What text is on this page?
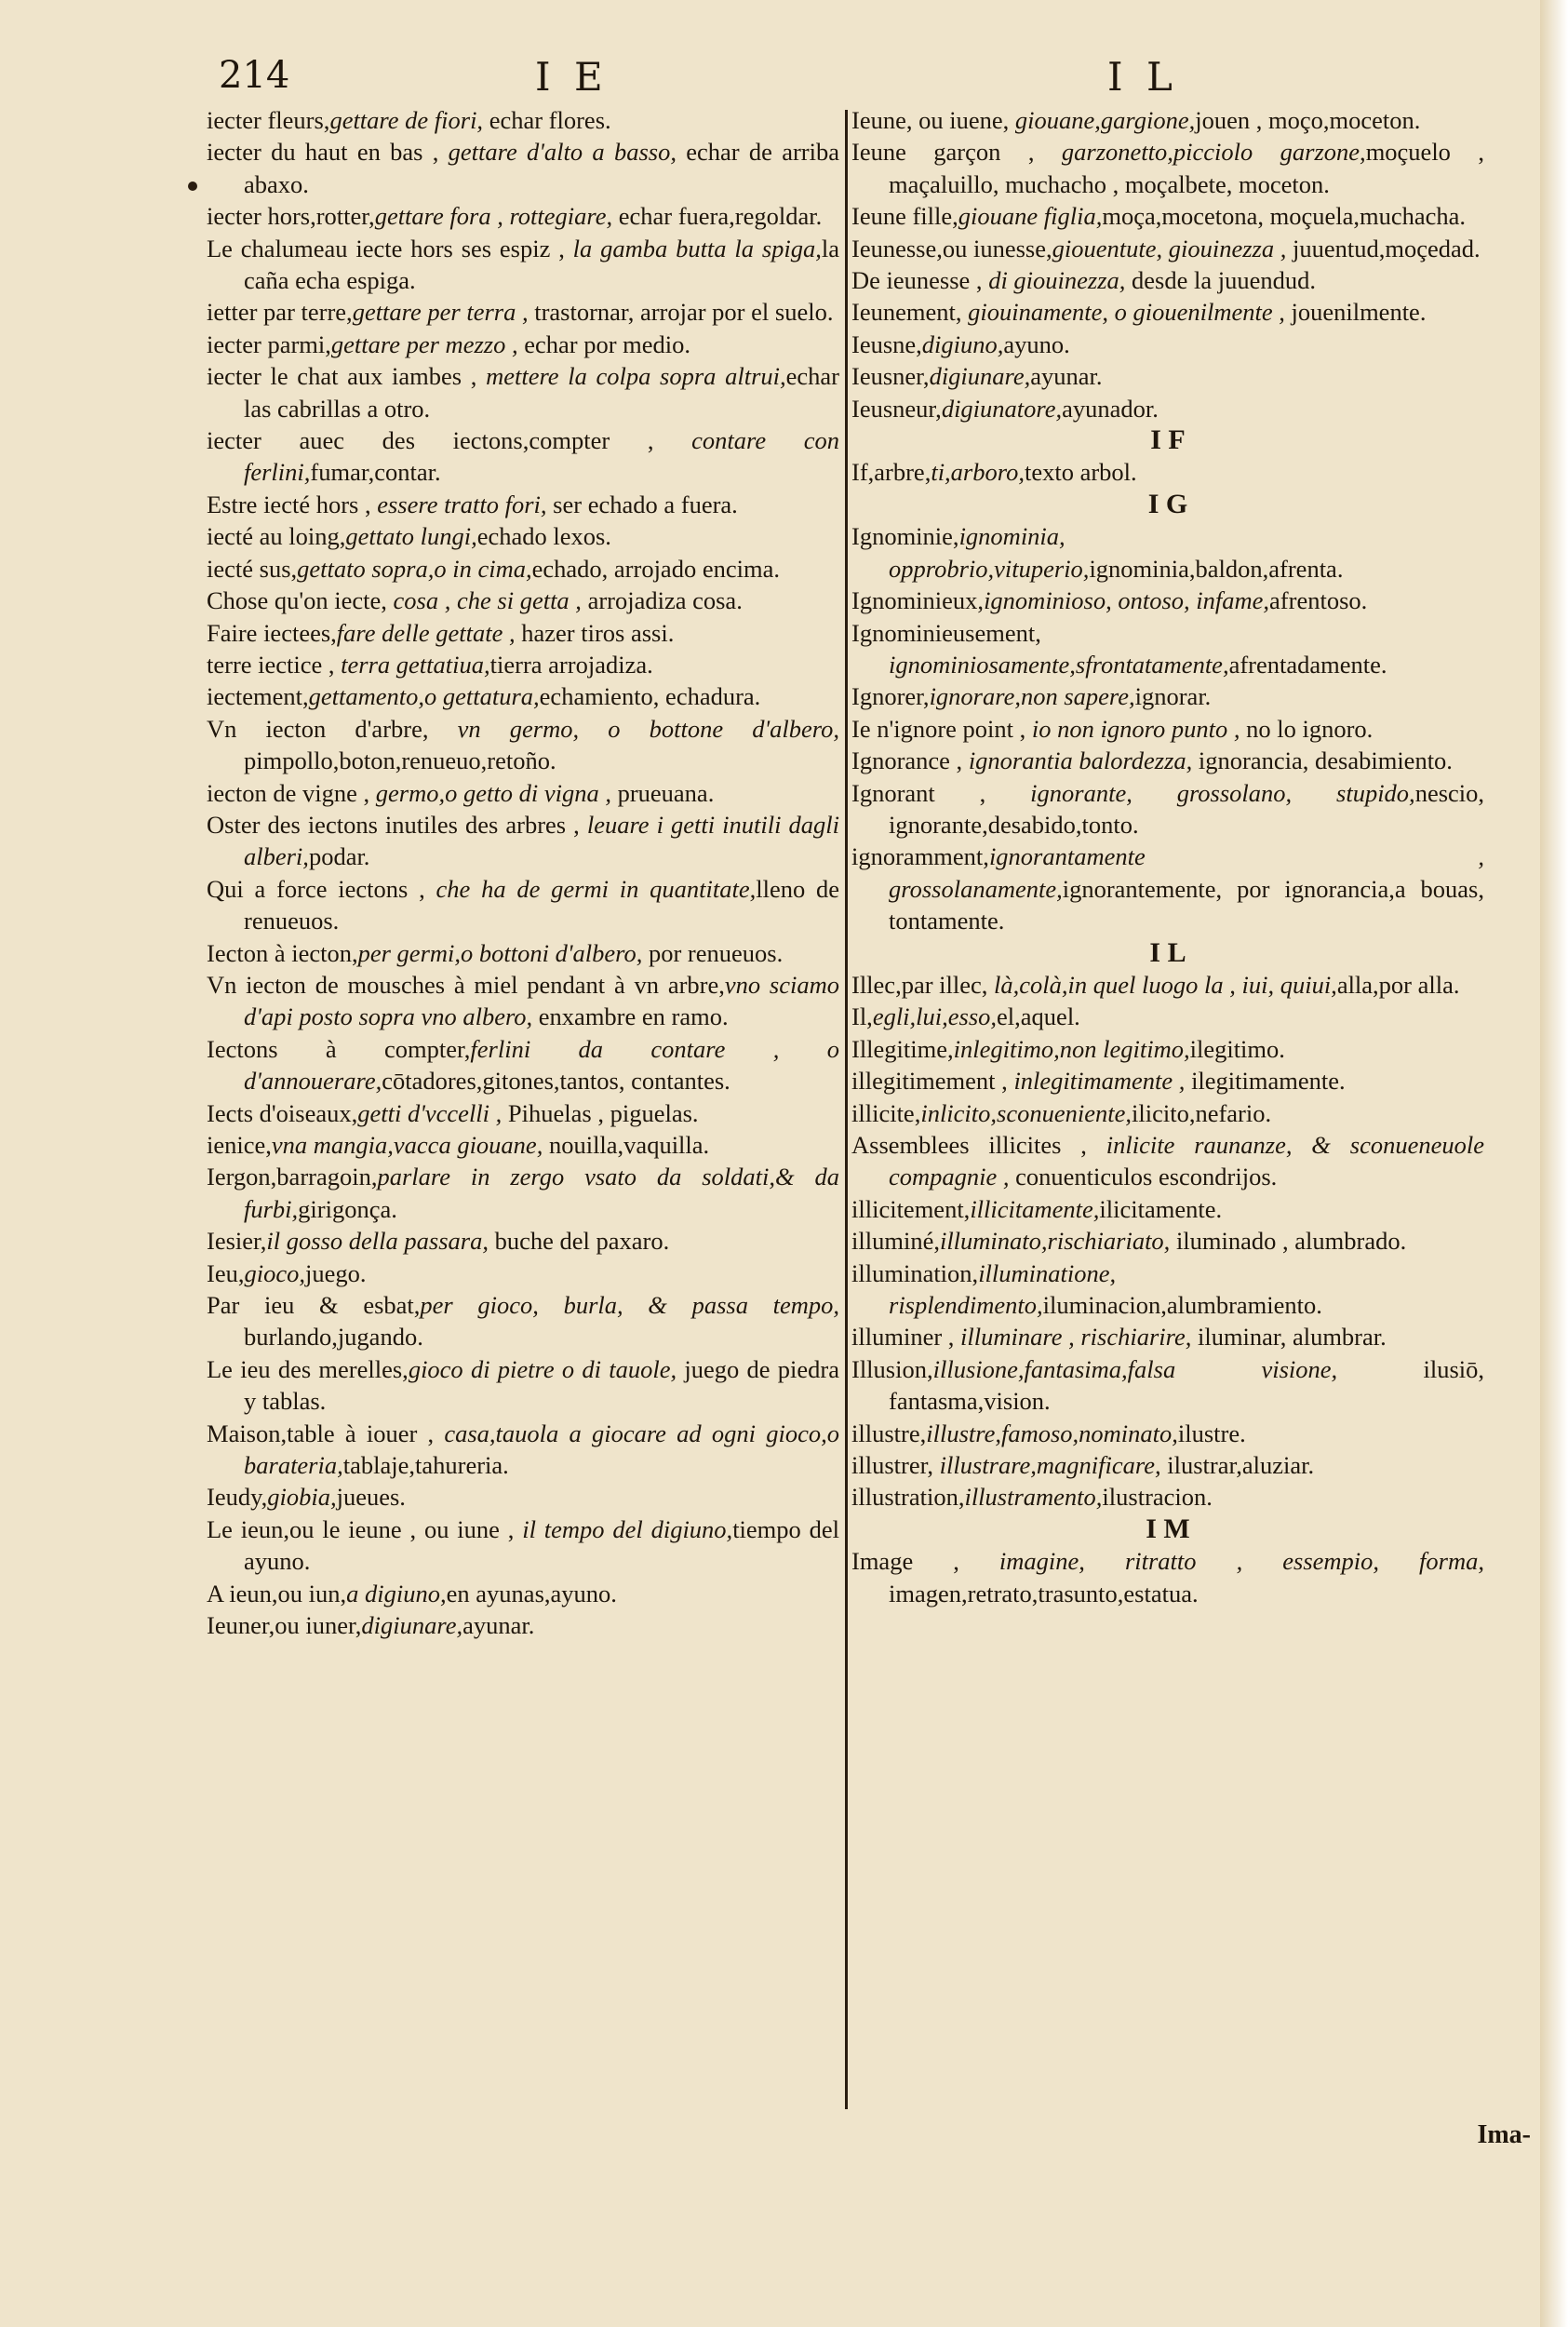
214	I E	I L

iecter fleurs,gettare de fiori, echar flores.

iecter du haut en bas , gettare d'alto a basso, echar de arriba abaxo.

iecter hors,rotter,gettare fora , rottegiare, echar fuera,regoldar.

Le chalumeau iecte hors ses espiz , la gamba butta la spiga,la caña echa espiga.

ietter par terre,gettare per terra , trastornar, arrojar por el suelo.

iecter parmi,gettare per mezzo , echar por medio.

iecter le chat aux iambes , mettere la colpa sopra altrui,echar las cabrillas a otro.

iecter auec des iectons,compter , contare con ferlini,fumar,contar.

Estre iecté hors , essere tratto fori, ser echado a fuera.

iecté au loing,gettato lungi,echado lexos.

iecté sus,gettato sopra,o in cima,echado, arrojado encima.

Chose qu'on iecte, cosa , che si getta , arrojadiza cosa.

Faire iectees,fare delle gettate , hazer tiros assi.

terre iectice , terra gettatiua,tierra arrojadiza.

iectement,gettamento,o gettatura,echamiento, echadura.

Vn iecton d'arbre, vn germo, o bottone d'albero, pimpollo,boton,renueuo,retoño.

iecton de vigne , germo,o getto di vigna , prueuana.

Oster des iectons inutiles des arbres , leuare i getti inutili dagli alberi,podar.

Qui a force iectons , che ha de germi in quantitate,lleno de renueuos.

Iecton à iecton,per germi,o bottoni d'albero, por renueuos.

Vn iecton de mousches à miel pendant à vn arbre,vno sciamo d'api posto sopra vno albero, enxambre en ramo.

Iectons à compter,ferlini da contare , o d'annouerare,cōtadores,gitones,tantos, contantes.

Iects d'oiseaux,getti d'vccelli , Pihuelas , piguelas.

ienice,vna mangia,vacca giouane, nouilla,vaquilla.

Iergon,barragoin,parlare in zergo vsato da soldati,& da furbi,girigonça.

Iesier,il gosso della passara, buche del paxaro.

Ieu,gioco,juego.

Par ieu & esbat,per gioco, burla, & passa tempo, burlando,jugando.

Le ieu des merelles,gioco di pietre o di tauole, juego de piedra y tablas.

Maison,table à iouer , casa,tauola a giocare ad ogni gioco,o barateria,tablaje,tahureria.

Ieudy,giobia,jueues.

Le ieun,ou le ieune , ou iune , il tempo del digiuno,tiempo del ayuno.

A ieun,ou iun,a digiuno,en ayunas,ayuno.

Ieuner,ou iuner,digiunare,ayunar.

Ieune, ou iuene, giouane,gargione,jouen , moço,moceton.

Ieune garçon , garzonetto,picciolo garzone,moçuelo , maçaluillo, muchacho , moçalbete, moceton.

Ieune fille,giouane figlia,moça,mocetona, moçuela,muchacha.

Ieunesse,ou iunesse,giouentute, giouinezza , juuentud,moçedad.

De ieunesse , di giouinezza, desde la juuendud.

Ieunement, giouinamente, o giouenilmente , jouenilmente.

Ieusne,digiuno,ayuno.

Ieusner,digiunare,ayunar.

Ieusneur,digiunatore,ayunador.

I F

If,arbre,ti,arboro,texto arbol.

I G

Ignominie,ignominia, opprobrio,vituperio,ignominia,baldon,afrenta.

Ignominieux,ignominioso, ontoso, infame,afrentoso.

Ignominieusement, ignominiosamente,sfrontatamente,afrentadamente.

Ignorer,ignorare,non sapere,ignorar.

Ie n'ignore point , io non ignoro punto , no lo ignoro.

Ignorance , ignorantia balordezza, ignorancia, desabimiento.

Ignorant , ignorante, grossolano, stupido,nescio, ignorante,desabido,tonto.

ignoramment,ignorantamente , grossolanamente,ignorantemente, por ignorancia,a bouas, tontamente.

I L

Illec,par illec, là,colà,in quel luogo la , iui, quiui,alla,por alla.

Il,egli,lui,esso,el,aquel.

Illegitime,inlegitimo,non legitimo,ilegitimo.

illegitimement , inlegitimamente , ilegitimamente.

illicite,inlicito,sconueniente,ilicito,nefario.

Assemblees illicites , inlicite raunanze, & sconueneuole compagnie , conuenticulos escondrijos.

illicitement,illicitamente,ilicitamente.

illuminé,illuminato,rischiariato, iluminado , alumbrado.

illumination,illuminatione, risplendimento,iluminacion,alumbramiento.

illuminer , illuminare , rischiarire, iluminar, alumbrar.

Illusion,illusione,fantasima,falsa visione, ilusiō, fantasma,vision.

illustre,illustre,famoso,nominato,ilustre.

illustrer, illustrare,magnificare, ilustrar,aluziar.

illustration,illustramento,ilustracion.

I M

Image , imagine, ritratto , essempio, forma, imagen,retrato,trasunto,estatua.

Ima-
